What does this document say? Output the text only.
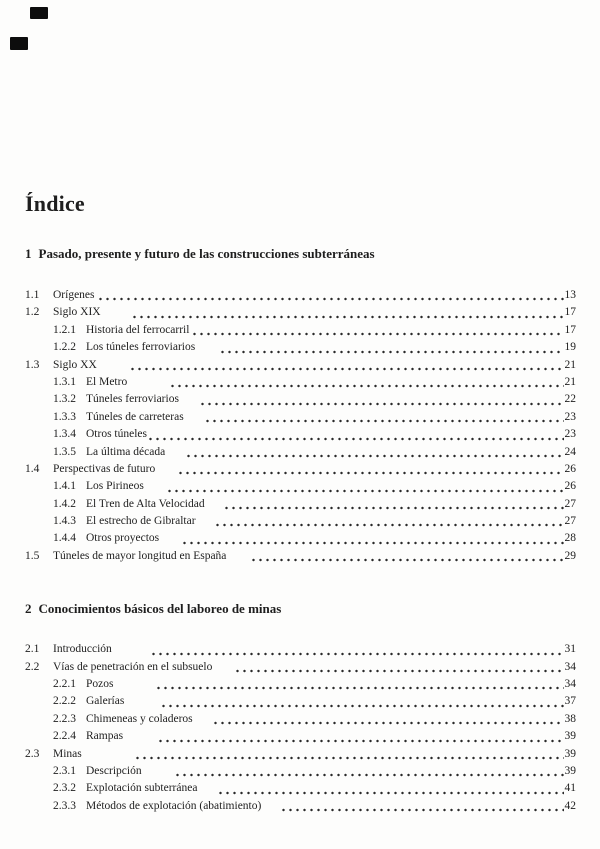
Índice
1 Pasado, presente y futuro de las construcciones subterráneas
1.1	Orígenes	13
1.2	Siglo XIX	17
1.2.1 Historia del ferrocarril	17
1.2.2 Los túneles ferroviarios	19
1.3	Siglo XX	21
1.3.1 El Metro	21
1.3.2 Túneles ferroviarios	22
1.3.3 Túneles de carreteras	23
1.3.4 Otros túneles	23
1.3.5 La última década	24
1.4	Perspectivas de futuro	26
1.4.1 Los Pirineos	26
1.4.2 El Tren de Alta Velocidad	27
1.4.3 El estrecho de Gibraltar	27
1.4.4 Otros proyectos	28
1.5	Túneles de mayor longitud en España	29
2 Conocimientos básicos del laboreo de minas
2.1	Introducción	31
2.2	Vías de penetración en el subsuelo	34
2.2.1 Pozos	34
2.2.2 Galerías	37
2.2.3 Chimeneas y coladeros	38
2.2.4 Rampas	39
2.3	Minas	39
2.3.1 Descripción	39
2.3.2 Explotación subterránea	41
2.3.3 Métodos de explotación (abatimiento)	42
